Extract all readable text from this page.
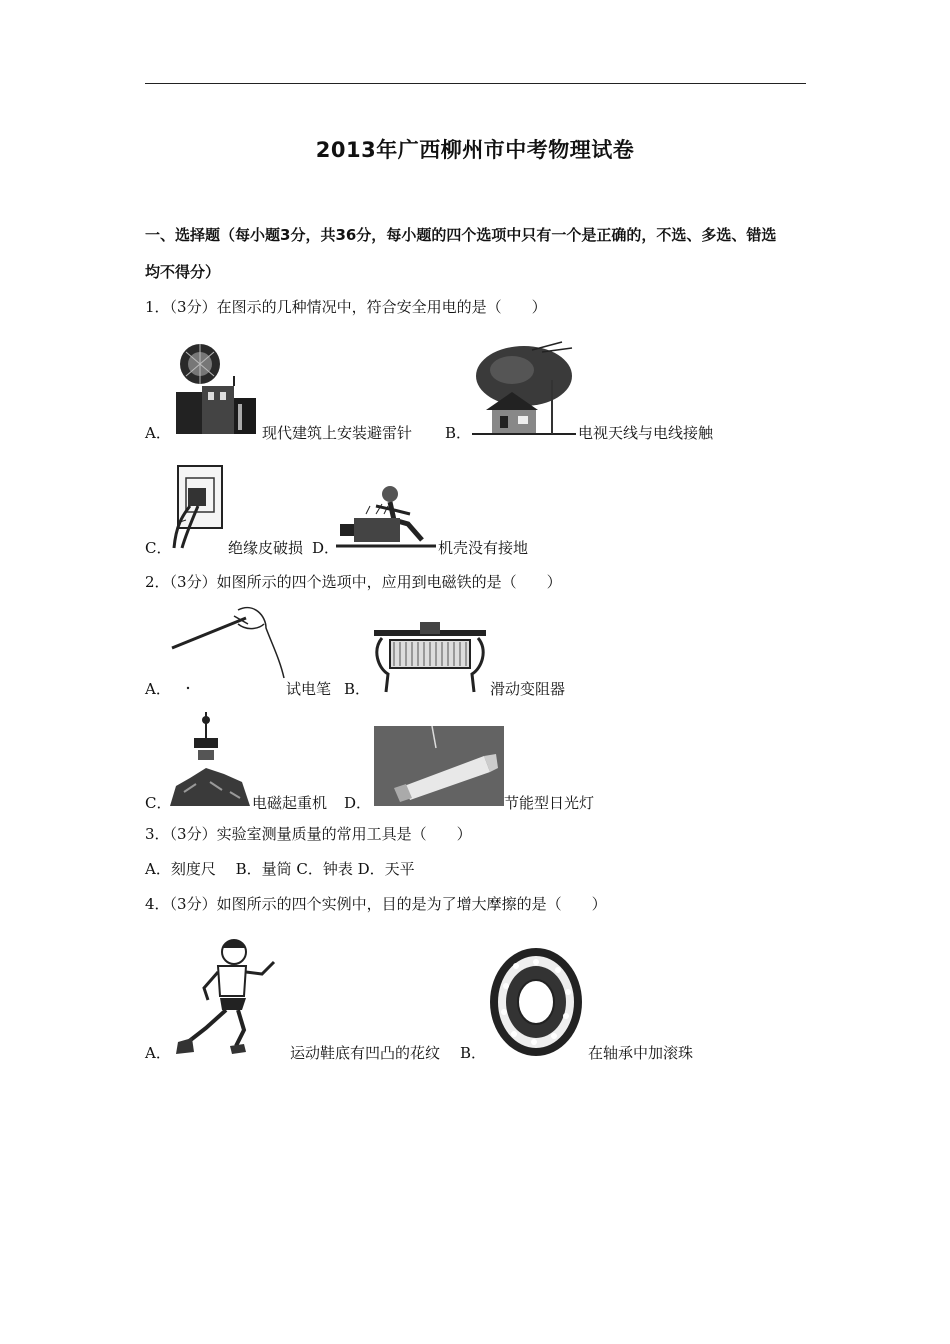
2013年广西柳州市中考物理试卷
一、选择题（每小题3分，共36分，每小题的四个选项中只有一个是正确的，不选、多选、错选
均不得分）
1．（3分）在图示的几种情况中，符合安全用电的是（　　）
A．	现代建筑上安装避雷针 B．	电视天线与电线接触
C．	绝缘皮破损 D．	机壳没有接地
2．（3分）如图所示的四个选项中，应用到电磁铁的是（　　）
A．	试电笔 B．	滑动变阻器
C．	电磁起重机 D．	节能型日光灯
3．（3分）实验室测量质量的常用工具是（　　）
A．刻度尺　 B．量筒 C．钟表 D．天平
4．（3分）如图所示的四个实例中，目的是为了增大摩擦的是（　　）
A．	运动鞋底有凹凸的花纹 B．	在轴承中加滚珠
